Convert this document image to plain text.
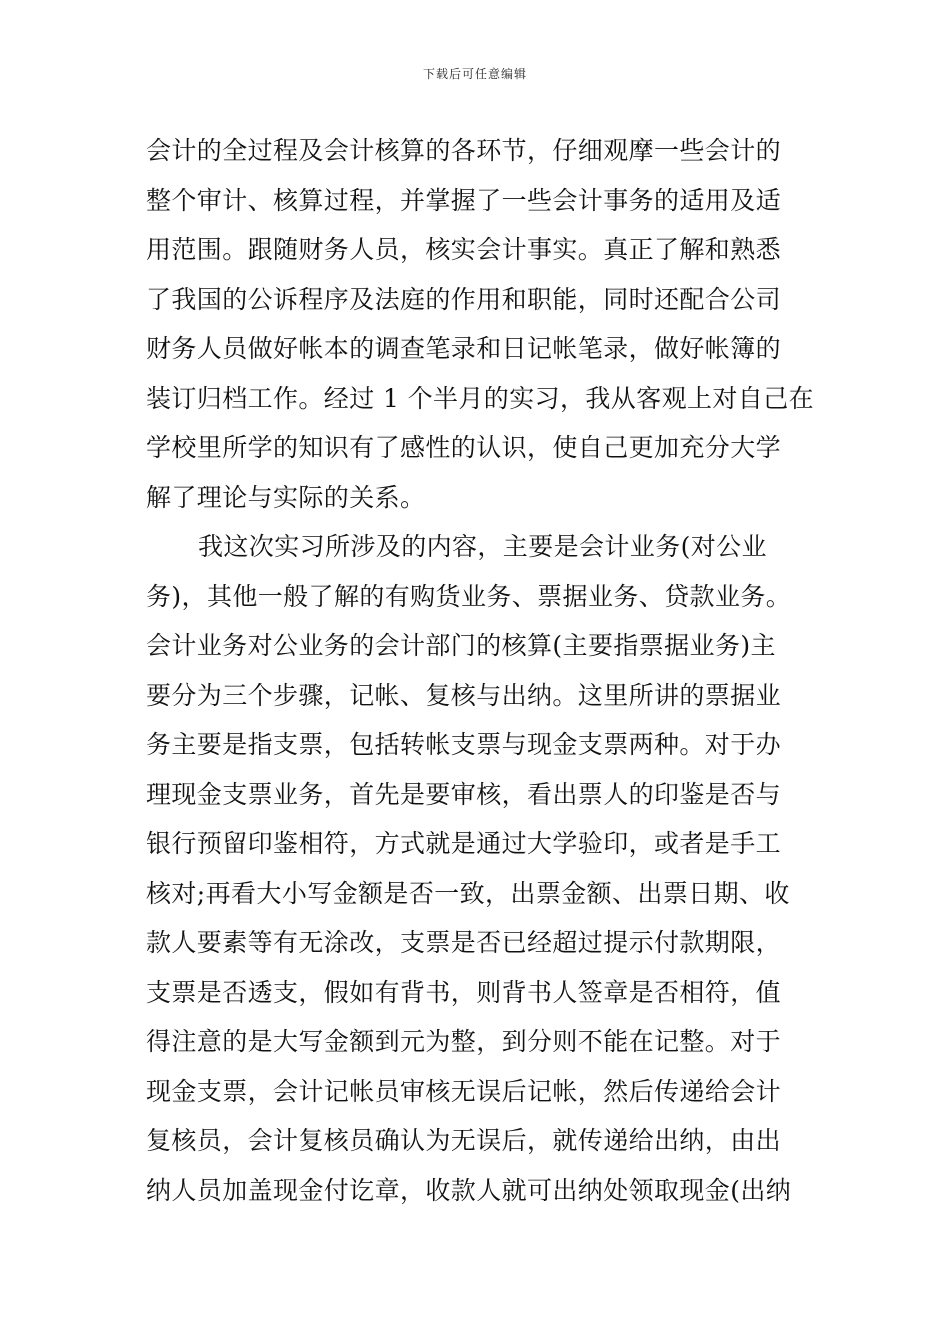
下载后可任意编辑
会计的全过程及会计核算的各环节，仔细观摩一些会计的
整个审计、核算过程，并掌握了一些会计事务的适用及适
用范围。跟随财务人员，核实会计事实。真正了解和熟悉
了我国的公诉程序及法庭的作用和职能，同时还配合公司
财务人员做好帐本的调查笔录和日记帐笔录，做好帐簿的
装订归档工作。经过 1 个半月的实习，我从客观上对自己在
学校里所学的知识有了感性的认识，使自己更加充分大学
解了理论与实际的关系。
我这次实习所涉及的内容，主要是会计业务(对公业
务)，其他一般了解的有购货业务、票据业务、贷款业务。
会计业务对公业务的会计部门的核算(主要指票据业务)主
要分为三个步骤，记帐、复核与出纳。这里所讲的票据业
务主要是指支票，包括转帐支票与现金支票两种。对于办
理现金支票业务，首先是要审核，看出票人的印鉴是否与
银行预留印鉴相符，方式就是通过大学验印，或者是手工
核对;再看大小写金额是否一致，出票金额、出票日期、收
款人要素等有无涂改，支票是否已经超过提示付款期限，
支票是否透支，假如有背书，则背书人签章是否相符，值
得注意的是大写金额到元为整，到分则不能在记整。对于
现金支票，会计记帐员审核无误后记帐，然后传递给会计
复核员，会计复核员确认为无误后，就传递给出纳，由出
纳人员加盖现金付讫章，收款人就可出纳处领取现金(出纳
